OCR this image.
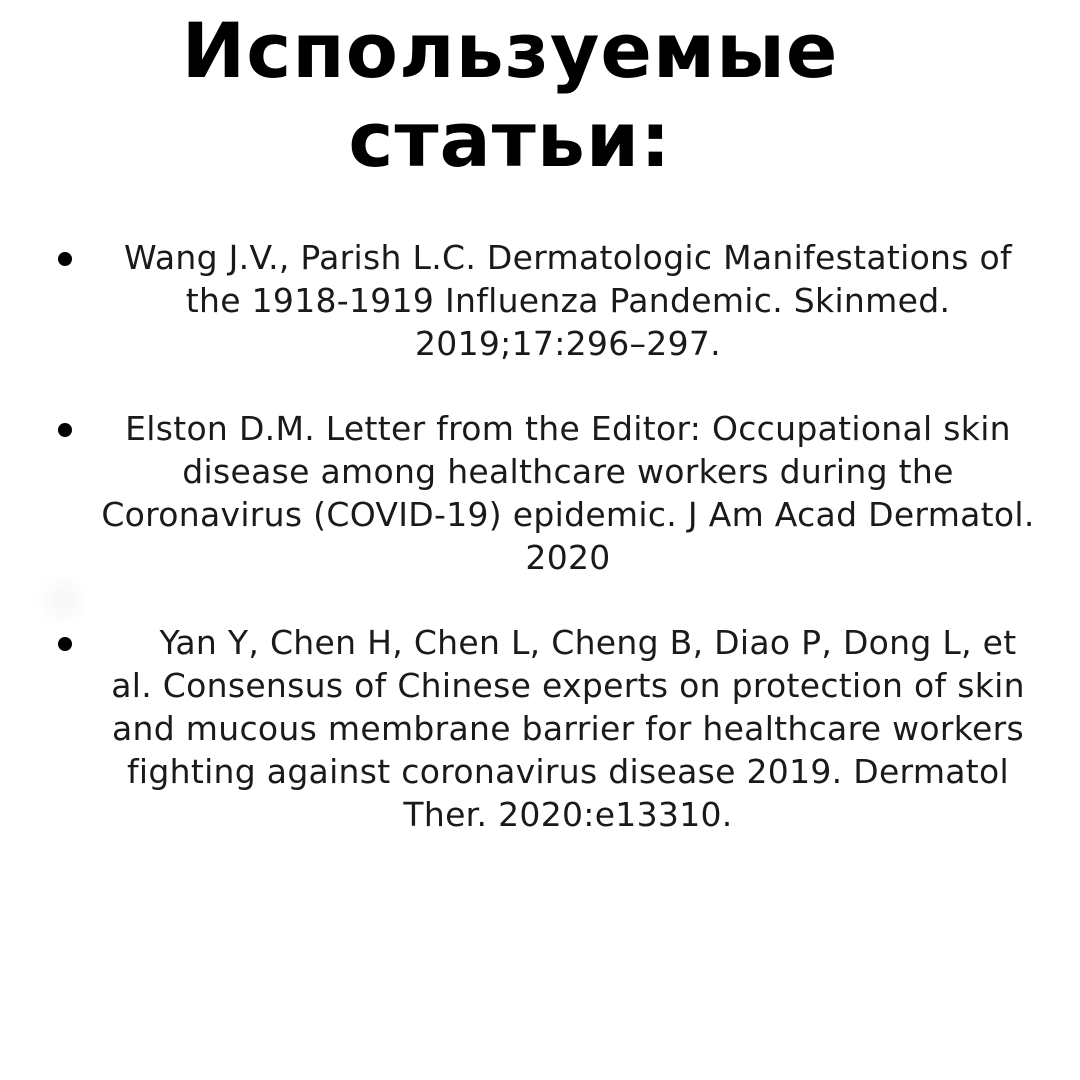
Используемые
статьи:
Wang J.V., Parish L.C. Dermatologic Manifestations of the 1918-1919 Influenza Pandemic. Skinmed. 2019;17:296–297.
Elston D.M. Letter from the Editor: Occupational skin disease among healthcare workers during the Coronavirus (COVID-19) epidemic. J Am Acad Dermatol. 2020
Yan Y, Chen H, Chen L, Cheng B, Diao P, Dong L, et al. Consensus of Chinese experts on protection of skin and mucous membrane barrier for healthcare workers fighting against coronavirus disease 2019. Dermatol Ther. 2020:e13310.
